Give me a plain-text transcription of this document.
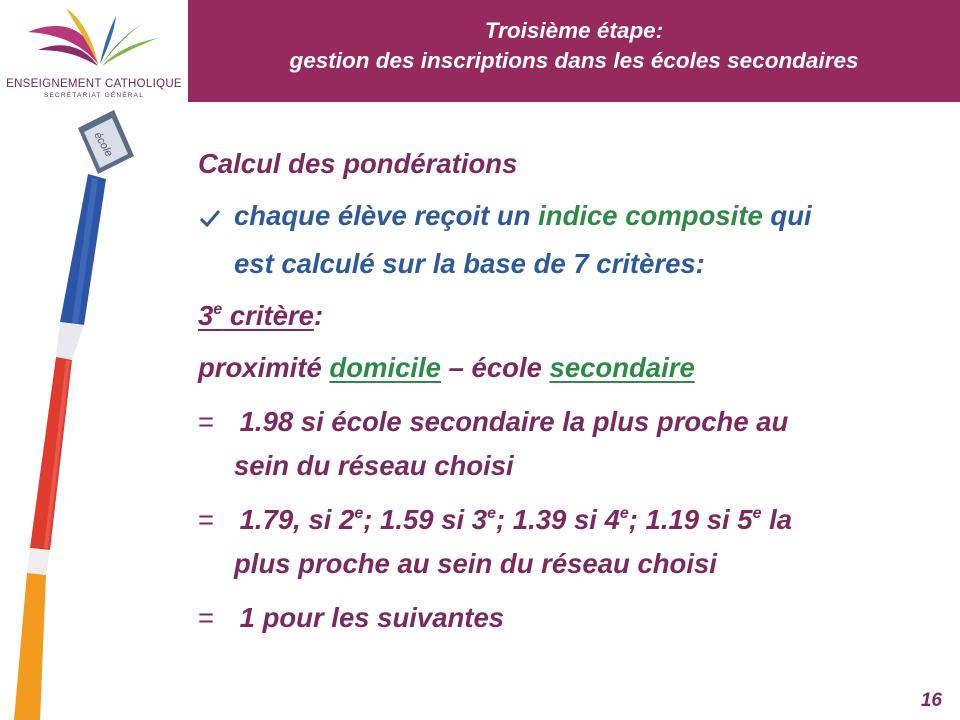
ENSEIGNEMENT CATHOLIQUE
SECRÉTARIAT GÉNÉRAL
Troisième étape:
gestion des inscriptions dans les écoles secondaires
école
Calcul des pondérations
chaque élève reçoit un indice composite qui
est calculé sur la base de 7 critères:
3e critère:
proximité domicile – école secondaire
= 1.98 si école secondaire la plus proche au
sein du réseau choisi
= 1.79, si 2e; 1.59 si 3e; 1.39 si 4e; 1.19 si 5e la
plus proche au sein du réseau choisi
= 1 pour les suivantes
16
